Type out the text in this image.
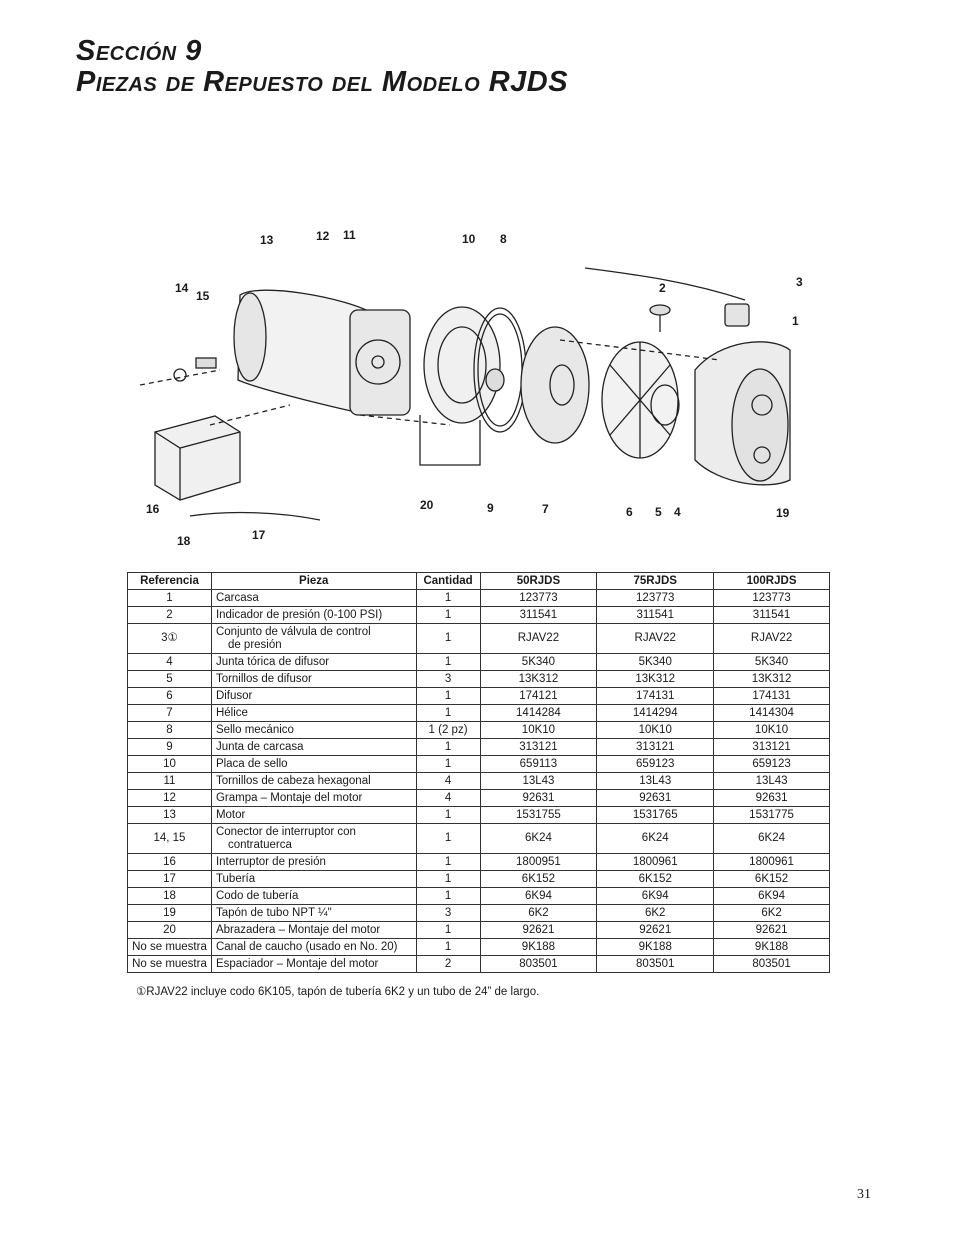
Sección 9
Piezas de Repuesto del Modelo RJDS
13	12 11	10 8
14
15
2	3
1
16
18	17
20	9	7	6 5 4	19
Referencia	Pieza	Cantidad	50RJDS	75RJDS	100RJDS
1	Carcasa	1	123773	123773	123773
2	Indicador de presión (0-100 PSI)	1	311541	311541	311541
3①	Conjunto de válvula de control
de presión	1	RJAV22	RJAV22	RJAV22
4	Junta tórica de difusor	1	5K340	5K340	5K340
5	Tornillos de difusor	3	13K312	13K312	13K312
6	Difusor	1	174121	174131	174131
7	Hélice	1	1414284	1414294	1414304
8	Sello mecánico	1 (2 pz)	10K10	10K10	10K10
9	Junta de carcasa	1	313121	313121	313121
10	Placa de sello	1	659113	659123	659123
11	Tornillos de cabeza hexagonal	4	13L43	13L43	13L43
12	Grampa – Montaje del motor	4	92631	92631	92631
13	Motor	1	1531755	1531765	1531775
14, 15	Conector de interruptor con
contratuerca	1	6K24	6K24	6K24
16	Interruptor de presión	1	1800951	1800961	1800961
17	Tubería	1	6K152	6K152	6K152
18	Codo de tubería	1	6K94	6K94	6K94
19	Tapón de tubo NPT ¼"	3	6K2	6K2	6K2
20	Abrazadera – Montaje del motor	1	92621	92621	92621
No se muestra	Canal de caucho (usado en No. 20)	1	9K188	9K188	9K188
No se muestra	Espaciador – Montaje del motor	2	803501	803501	803501
①RJAV22 incluye codo 6K105, tapón de tubería 6K2 y un tubo de 24” de largo.
31
